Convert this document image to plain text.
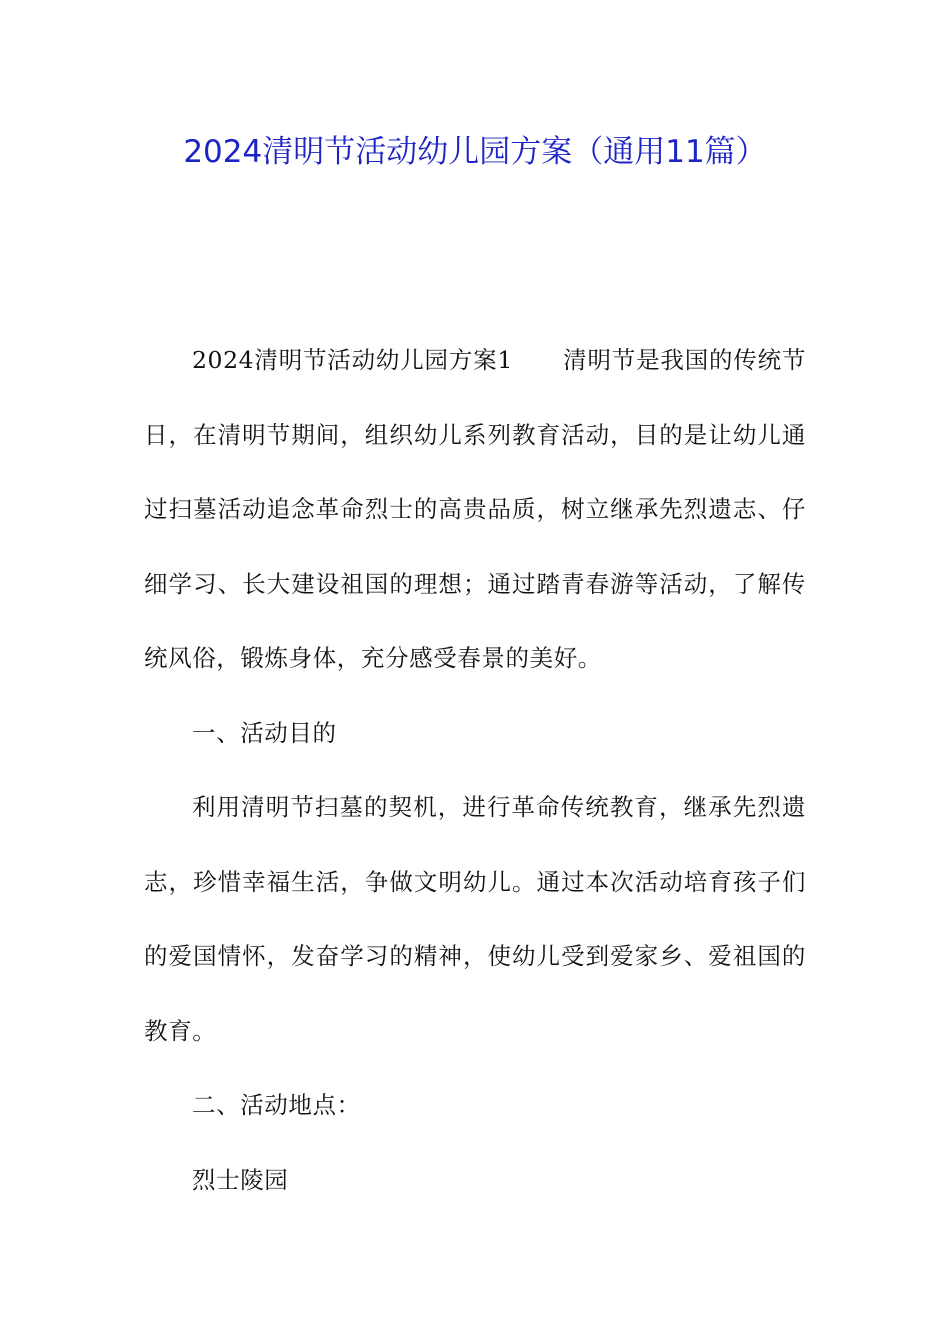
2024清明节活动幼儿园方案（通用11篇）

2024清明节活动幼儿园方案1 清明节是我国的传统节日，在清明节期间，组织幼儿系列教育活动，目的是让幼儿通过扫墓活动追念革命烈士的高贵品质，树立继承先烈遗志、仔细学习、长大建设祖国的理想；通过踏青春游等活动，了解传统风俗，锻炼身体，充分感受春景的美好。

一、活动目的

利用清明节扫墓的契机，进行革命传统教育，继承先烈遗志，珍惜幸福生活，争做文明幼儿。通过本次活动培育孩子们的爱国情怀，发奋学习的精神，使幼儿受到爱家乡、爱祖国的教育。

二、活动地点：

烈士陵园
